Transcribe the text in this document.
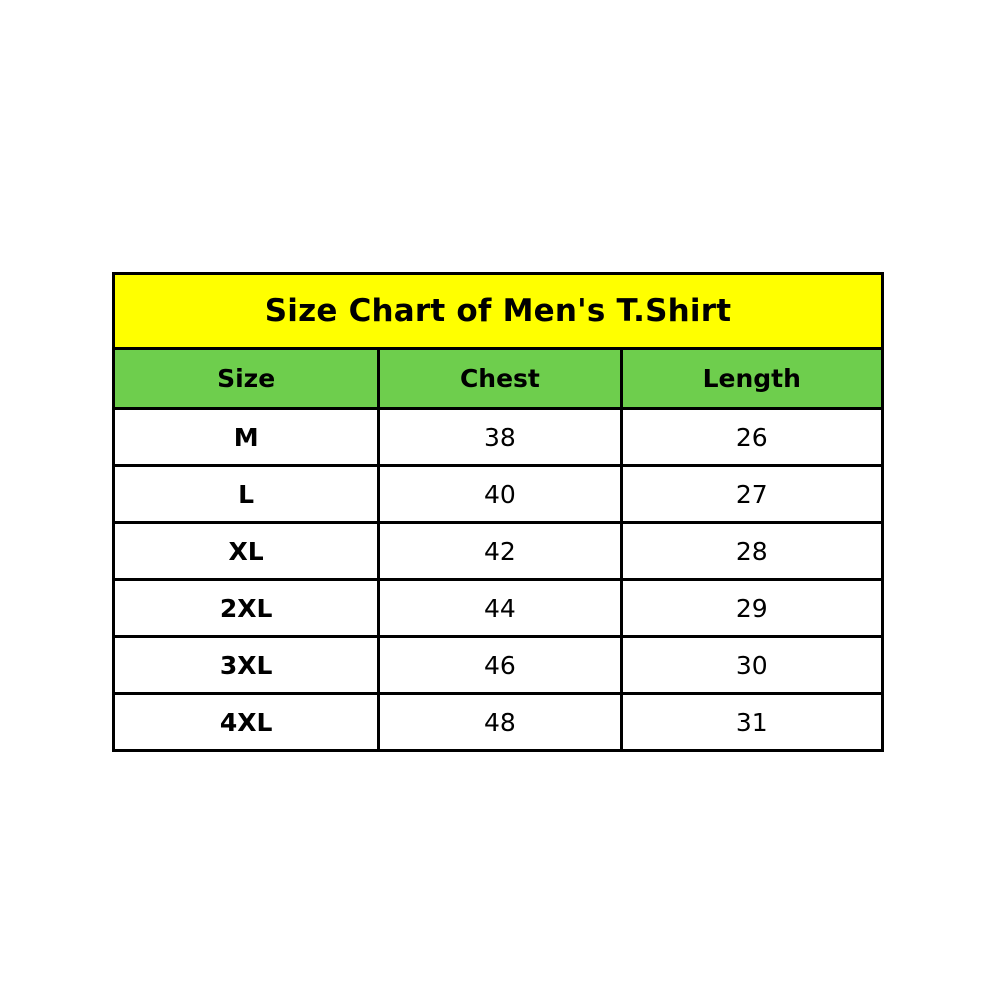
Size Chart of Men's T.Shirt		
Size	Chest	Length
M	38	26
L	40	27
XL	42	28
2XL	44	29
3XL	46	30
4XL	48	31
